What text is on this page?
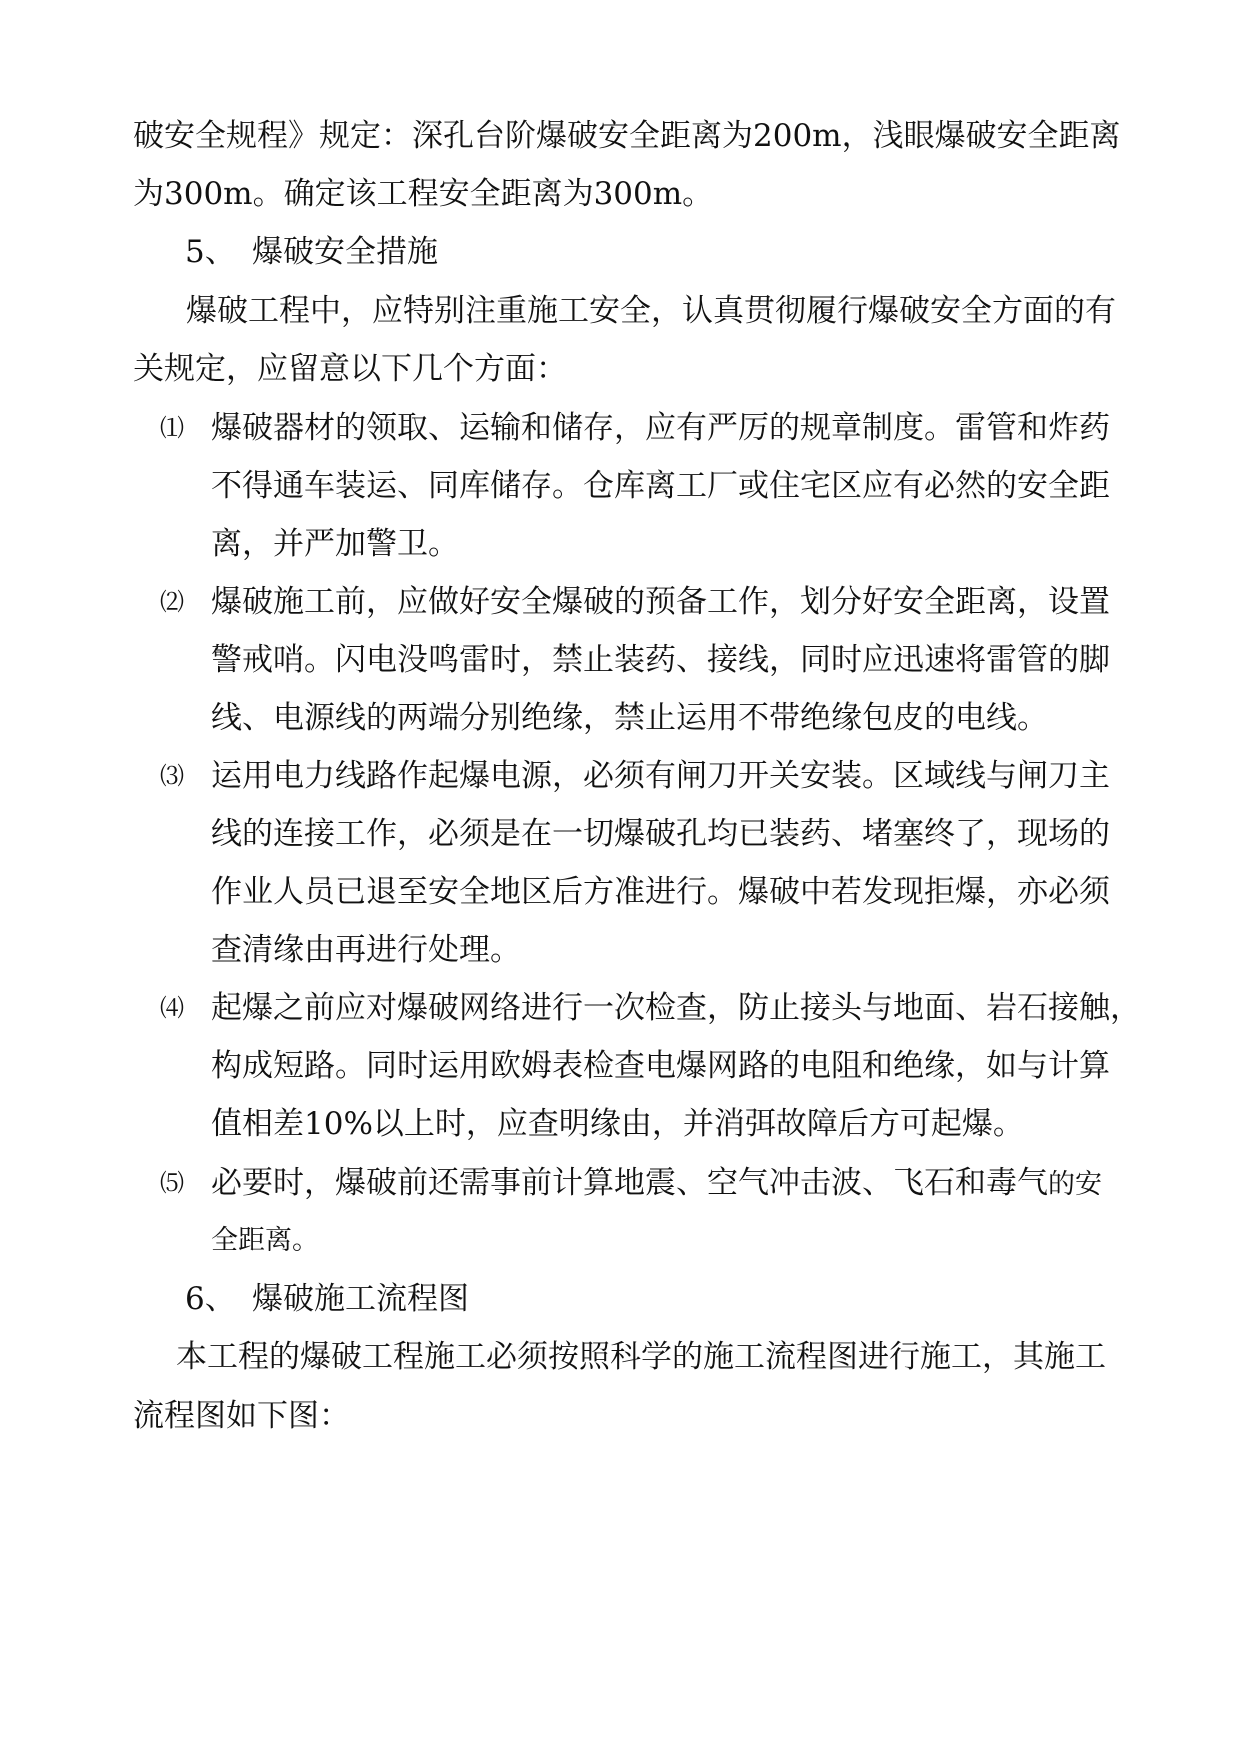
破安全规程》规定：深孔台阶爆破安全距离为200m，浅眼爆破安全距离
为300m。确定该工程安全距离为300m。
5、 爆破安全措施
爆破工程中，应特别注重施工安全，认真贯彻履行爆破安全方面的有
关规定，应留意以下几个方面：
⑴ 爆破器材的领取、运输和储存，应有严厉的规章制度。雷管和炸药
不得通车装运、同库储存。仓库离工厂或住宅区应有必然的安全距
离，并严加警卫。
⑵ 爆破施工前，应做好安全爆破的预备工作，划分好安全距离，设置
警戒哨。闪电没鸣雷时，禁止装药、接线，同时应迅速将雷管的脚
线、电源线的两端分别绝缘，禁止运用不带绝缘包皮的电线。
⑶ 运用电力线路作起爆电源，必须有闸刀开关安装。区域线与闸刀主
线的连接工作，必须是在一切爆破孔均已装药、堵塞终了，现场的
作业人员已退至安全地区后方准进行。爆破中若发现拒爆，亦必须
查清缘由再进行处理。
⑷ 起爆之前应对爆破网络进行一次检查，防止接头与地面、岩石接触，
构成短路。同时运用欧姆表检查电爆网路的电阻和绝缘，如与计算
值相差10%以上时，应查明缘由，并消弭故障后方可起爆。
⑸ 必要时，爆破前还需事前计算地震、空气冲击波、飞石和毒气的安
全距离。
6、 爆破施工流程图
本工程的爆破工程施工必须按照科学的施工流程图进行施工，其施工
流程图如下图：
